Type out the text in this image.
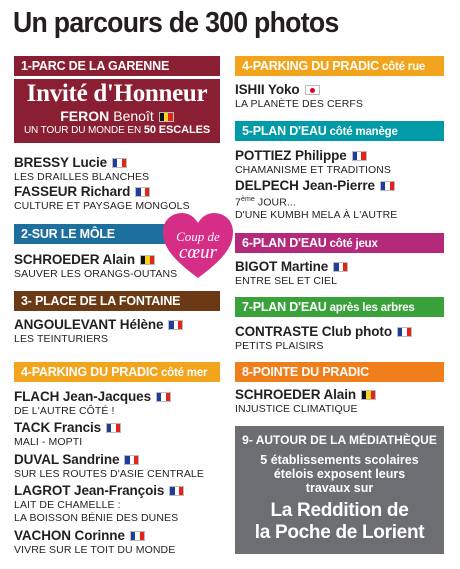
Un parcours de 300 photos
1-PARC DE LA GARENNE
Invité d'Honneur
FERON Benoît
UN TOUR DU MONDE EN 50 ESCALES
BRESSY Lucie
LES DRAILLES BLANCHES
FASSEUR Richard
CULTURE ET PAYSAGE MONGOLS
2-SUR LE MÔLE	Coup de
cœur
SCHROEDER Alain
SAUVER LES ORANGS-OUTANS
3- PLACE DE LA FONTAINE
ANGOULEVANT Hélène
LES TEINTURIERS
4-PARKING DU PRADIC côté mer
FLACH Jean-Jacques
DE L'AUTRE CÔTÉ !
TACK Francis
MALI - MOPTI
DUVAL Sandrine
SUR LES ROUTES D'ASIE CENTRALE
LAGROT Jean-François
LAIT DE CHAMELLE :
LA BOISSON BÉNIE DES DUNES
VACHON Corinne
VIVRE SUR LE TOIT DU MONDE
4-PARKING DU PRADIC côté rue
ISHII Yoko
LA PLANÈTE DES CERFS
5-PLAN D'EAU côté manège
POTTIEZ Philippe
CHAMANISME ET TRADITIONS
DELPECH Jean-Pierre
7ème JOUR...
D'UNE KUMBH MELA À L'AUTRE
6-PLAN D'EAU côté jeux
BIGOT Martine
ENTRE SEL ET CIEL
7-PLAN D'EAU après les arbres
CONTRASTE Club photo
PETITS PLAISIRS
8-POINTE DU PRADIC
SCHROEDER Alain
INJUSTICE CLIMATIQUE
9- AUTOUR DE LA MÉDIATHÈQUE
5 établissements scolaires ételois exposent leurs travaux sur
La Reddition de
la Poche de Lorient
